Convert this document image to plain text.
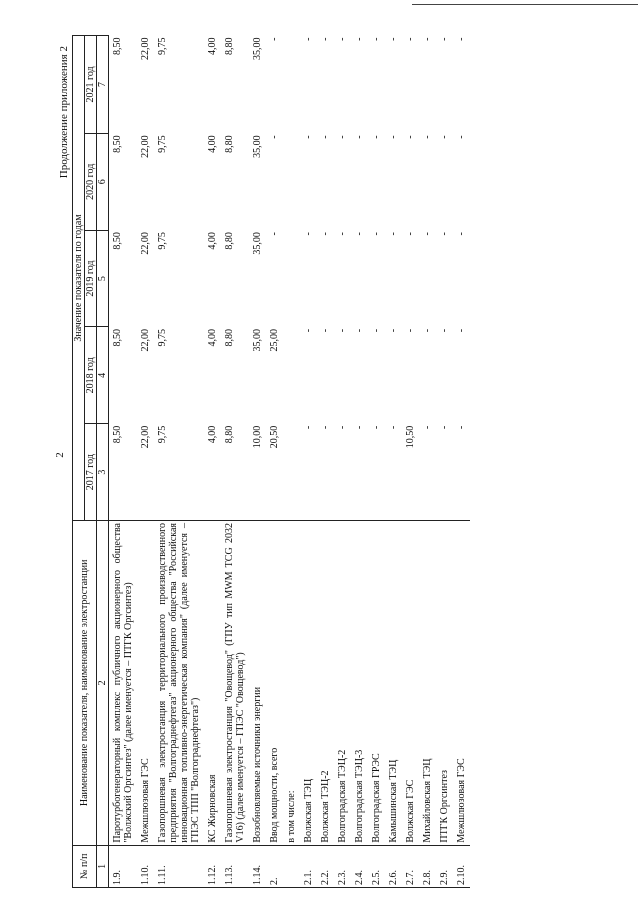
2
Продолжение приложения 2
№ п/п	Наименование показателя, наименование электростанции	Значение показателя по годам				
		2017 год	2018 год	2019 год	2020 год	2021 год
1	2	3	4	5	6	7
1.9.	Паротурбогенераторный комплекс публичного акционерного общества "Волжский Оргсинтез" (далее именуется – ПТГК Оргсинтез)	8,50	8,50	8,50	8,50	8,50
1.10.	Межшлюзовая ГЭС	22,00	22,00	22,00	22,00	22,00
1.11.	Газопоршневая электростанция территориального производственного предприятия "Волгограднефтегаз" акционерного общества "Российская инновационная топливно-энергетическая компания" (далее именуется – ГПЭС ТПП "Волгограднефтегаз")	9,75	9,75	9,75	9,75	9,75
1.12.	КС Жирновская	4,00	4,00	4,00	4,00	4,00
1.13.	Газопоршневая электростанция "Овощевод" (ГПУ тип MWM TCG 2032 V16) (далее именуется – ГПЭС "Овощевод")	8,80	8,80	8,80	8,80	8,80
1.14.	Возобновляемые источники энергии	10,00	35,00	35,00	35,00	35,00
2.	Ввод мощности, всего	20,50	25,00	-	-	-
	в том числе:					
2.1.	Волжская ТЭЦ	-	-	-	-	-
2.2.	Волжская ТЭЦ-2	-	-	-	-	-
2.3.	Волгоградская ТЭЦ-2	-	-	-	-	-
2.4.	Волгоградская ТЭЦ-3	-	-	-	-	-
2.5.	Волгоградская ГРЭС	-	-	-	-	-
2.6.	Камышинская ТЭЦ	-	-	-	-	-
2.7.	Волжская ГЭС	10,50	-	-	-	-
2.8.	Михайловская ТЭЦ	-	-	-	-	-
2.9.	ПТГК Оргсинтез	-	-	-	-	-
2.10.	Межшлюзовая ГЭС	-	-	-	-	-
